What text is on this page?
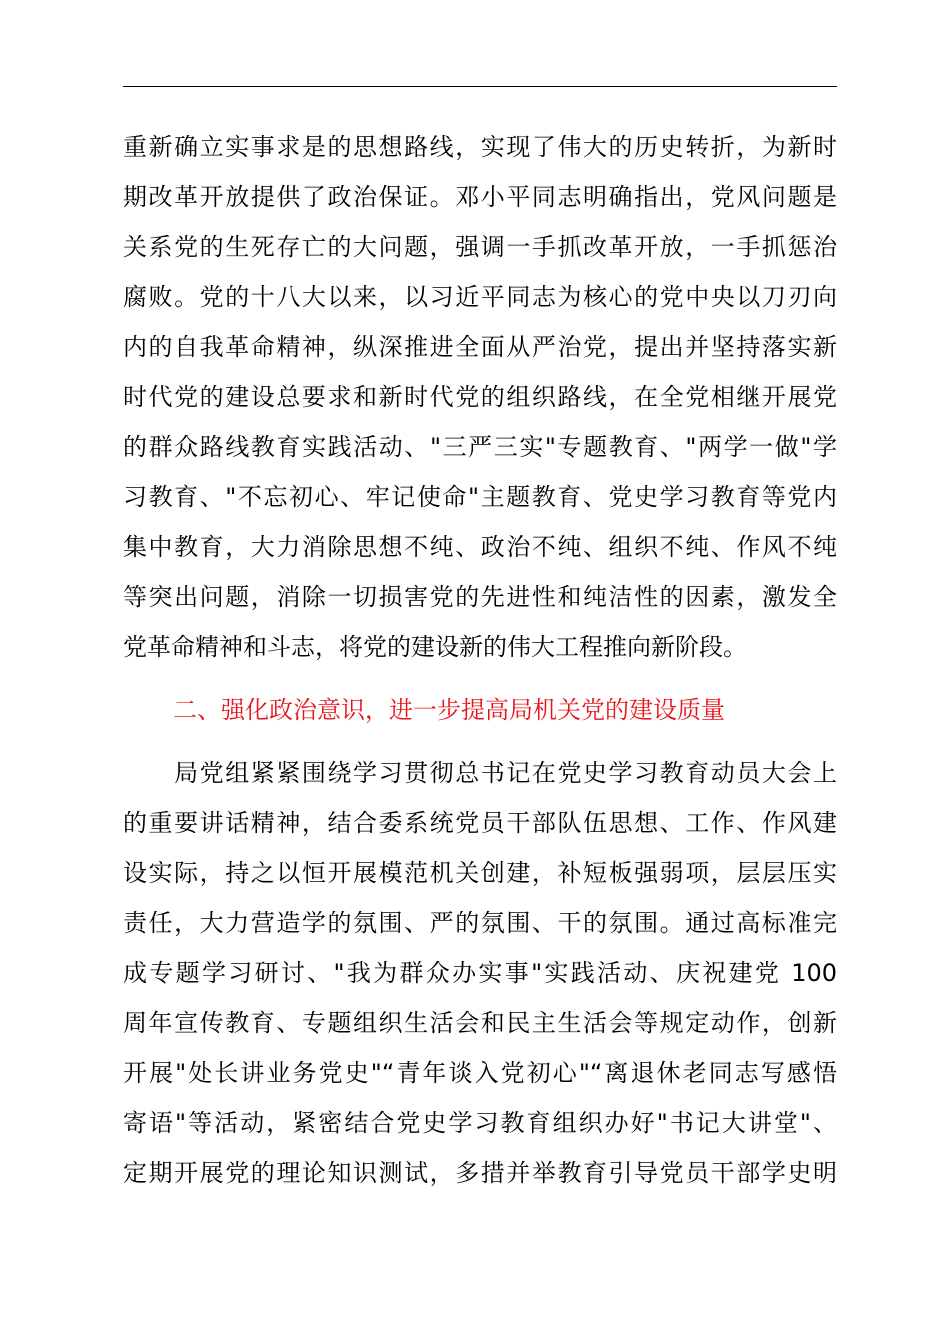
重新确立实事求是的思想路线，实现了伟大的历史转折，为新时
期改革开放提供了政治保证。邓小平同志明确指出，党风问题是
关系党的生死存亡的大问题，强调一手抓改革开放，一手抓惩治
腐败。党的十八大以来，以习近平同志为核心的党中央以刀刃向
内的自我革命精神，纵深推进全面从严治党，提出并坚持落实新
时代党的建设总要求和新时代党的组织路线，在全党相继开展党
的群众路线教育实践活动、"三严三实"专题教育、"两学一做"学
习教育、"不忘初心、牢记使命"主题教育、党史学习教育等党内
集中教育，大力消除思想不纯、政治不纯、组织不纯、作风不纯
等突出问题，消除一切损害党的先进性和纯洁性的因素，激发全
党革命精神和斗志，将党的建设新的伟大工程推向新阶段。
二、强化政治意识，进一步提高局机关党的建设质量
　　局党组紧紧围绕学习贯彻总书记在党史学习教育动员大会上
的重要讲话精神，结合委系统党员干部队伍思想、工作、作风建
设实际，持之以恒开展模范机关创建，补短板强弱项，层层压实
责任，大力营造学的氛围、严的氛围、干的氛围。通过高标准完
成专题学习研讨、"我为群众办实事"实践活动、庆祝建党 100
周年宣传教育、专题组织生活会和民主生活会等规定动作，创新
开展"处长讲业务党史"“青年谈入党初心"“离退休老同志写感悟
寄语"等活动，紧密结合党史学习教育组织办好"书记大讲堂"、
定期开展党的理论知识测试，多措并举教育引导党员干部学史明
